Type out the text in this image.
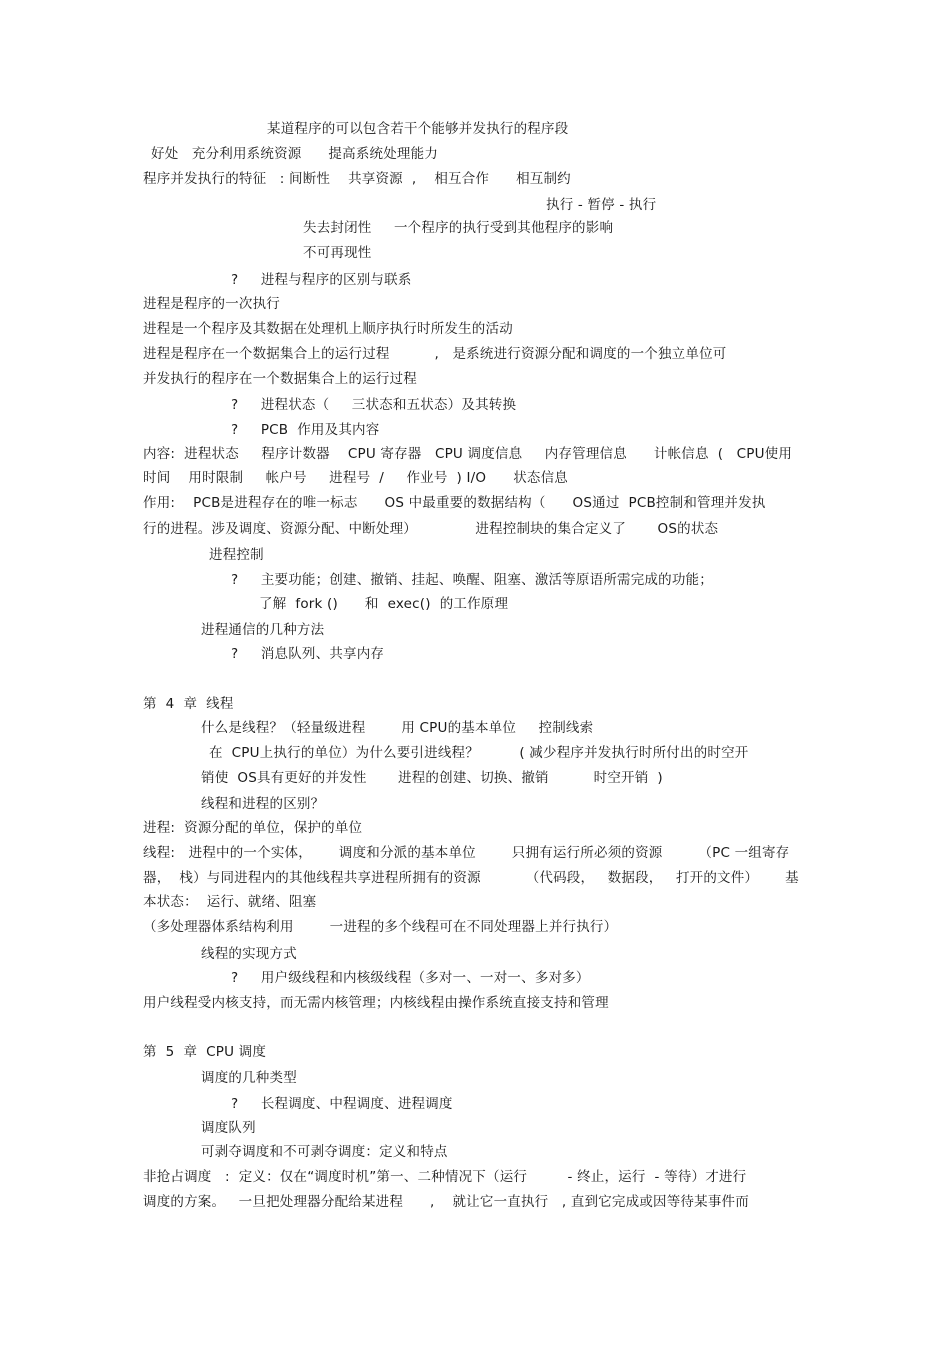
某道程序的可以包含若干个能够并发执行的程序段
好处   充分利用系统资源      提高系统处理能力
程序并发执行的特征   : 间断性    共享资源  ,    相互合作      相互制约
执行 - 暂停 - 执行
失去封闭性     一个程序的执行受到其他程序的影响
不可再现性
?     进程与程序的区别与联系
进程是程序的一次执行
进程是一个程序及其数据在处理机上顺序执行时所发生的活动
进程是程序在一个数据集合上的运行过程          ,   是系统进行资源分配和调度的一个独立单位可
并发执行的程序在一个数据集合上的运行过程
?     进程状态（     三状态和五状态）及其转换
?     PCB  作用及其内容
内容:  进程状态     程序计数器    CPU 寄存器   CPU 调度信息     内存管理信息      计帐信息  (   CPU使用
时间    用时限制     帐户号     进程号  /     作业号  ) I/O      状态信息
作用:    PCB是进程存在的唯一标志      OS 中最重要的数据结构（      OS通过  PCB控制和管理并发执
行的进程。涉及调度、资源分配、中断处理）             进程控制块的集合定义了       OS的状态
进程控制
?     主要功能；创建、撤销、挂起、唤醒、阻塞、激活等原语所需完成的功能；
了解  fork ()      和  exec()  的工作原理
进程通信的几种方法
?     消息队列、共享内存
第  4  章  线程
什么是线程？（轻量级进程        用 CPU的基本单位     控制线索
在  CPU上执行的单位）为什么要引进线程？         ( 减少程序并发执行时所付出的时空开
销使  OS具有更好的并发性       进程的创建、切换、撤销          时空开销  )
线程和进程的区别？
进程:  资源分配的单位，保护的单位
线程:   进程中的一个实体，      调度和分派的基本单位        只拥有运行所必须的资源        （PC 一组寄存
器，  栈）与同进程内的其他线程共享进程所拥有的资源          （代码段，   数据段，   打开的文件）      基
本状态：  运行、就绪、阻塞
（多处理器体系结构利用        一进程的多个线程可在不同处理器上并行执行）
线程的实现方式
?     用户级线程和内核级线程（多对一、一对一、多对多）
用户线程受内核支持，而无需内核管理；内核线程由操作系统直接支持和管理
第  5  章  CPU 调度
调度的几种类型
?     长程调度、中程调度、进程调度
调度队列
可剥夺调度和不可剥夺调度：定义和特点
非抢占调度   :  定义：仅在“调度时机”第一、二种情况下（运行         - 终止，运行  - 等待）才进行
调度的方案。   一旦把处理器分配给某进程      ,    就让它一直执行   , 直到它完成或因等待某事件而
